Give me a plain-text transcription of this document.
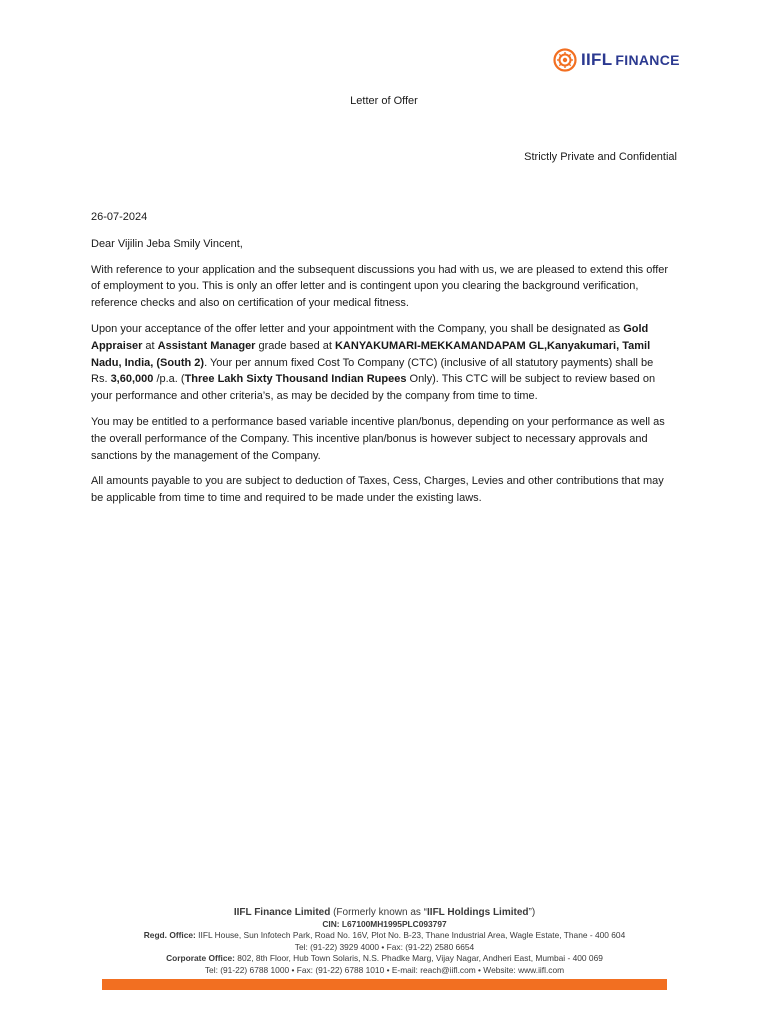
IIFL FINANCE
Letter of Offer
Strictly Private and Confidential

26-07-2024

Dear Vijilin Jeba Smily Vincent,

With reference to your application and the subsequent discussions you had with us, we are pleased to extend this offer of employment to you. This is only an offer letter and is contingent upon you clearing the background verification, reference checks and also on certification of your medical fitness.

Upon your acceptance of the offer letter and your appointment with the Company, you shall be designated as Gold Appraiser at Assistant Manager grade based at KANYAKUMARI-MEKKAMANDAPAM GL,Kanyakumari, Tamil Nadu, India, (South 2). Your per annum fixed Cost To Company (CTC) (inclusive of all statutory payments) shall be Rs. 3,60,000 /p.a. (Three Lakh Sixty Thousand Indian Rupees Only). This CTC will be subject to review based on your performance and other criteria’s, as may be decided by the company from time to time.

You may be entitled to a performance based variable incentive plan/bonus, depending on your performance as well as the overall performance of the Company. This incentive plan/bonus is however subject to necessary approvals and sanctions by the management of the Company.

All amounts payable to you are subject to deduction of Taxes, Cess, Charges, Levies and other contributions that may be applicable from time to time and required to be made under the existing laws.

IIFL Finance Limited (Formerly known as “IIFL Holdings Limited”)
CIN: L67100MH1995PLC093797
Regd. Office: IIFL House, Sun Infotech Park, Road No. 16V, Plot No. B-23, Thane Industrial Area, Wagle Estate, Thane - 400 604
Tel: (91-22) 3929 4000 • Fax: (91-22) 2580 6654
Corporate Office: 802, 8th Floor, Hub Town Solaris, N.S. Phadke Marg, Vijay Nagar, Andheri East, Mumbai - 400 069
Tel: (91-22) 6788 1000 • Fax: (91-22) 6788 1010 • E-mail: reach@iifl.com • Website: www.iifl.com
